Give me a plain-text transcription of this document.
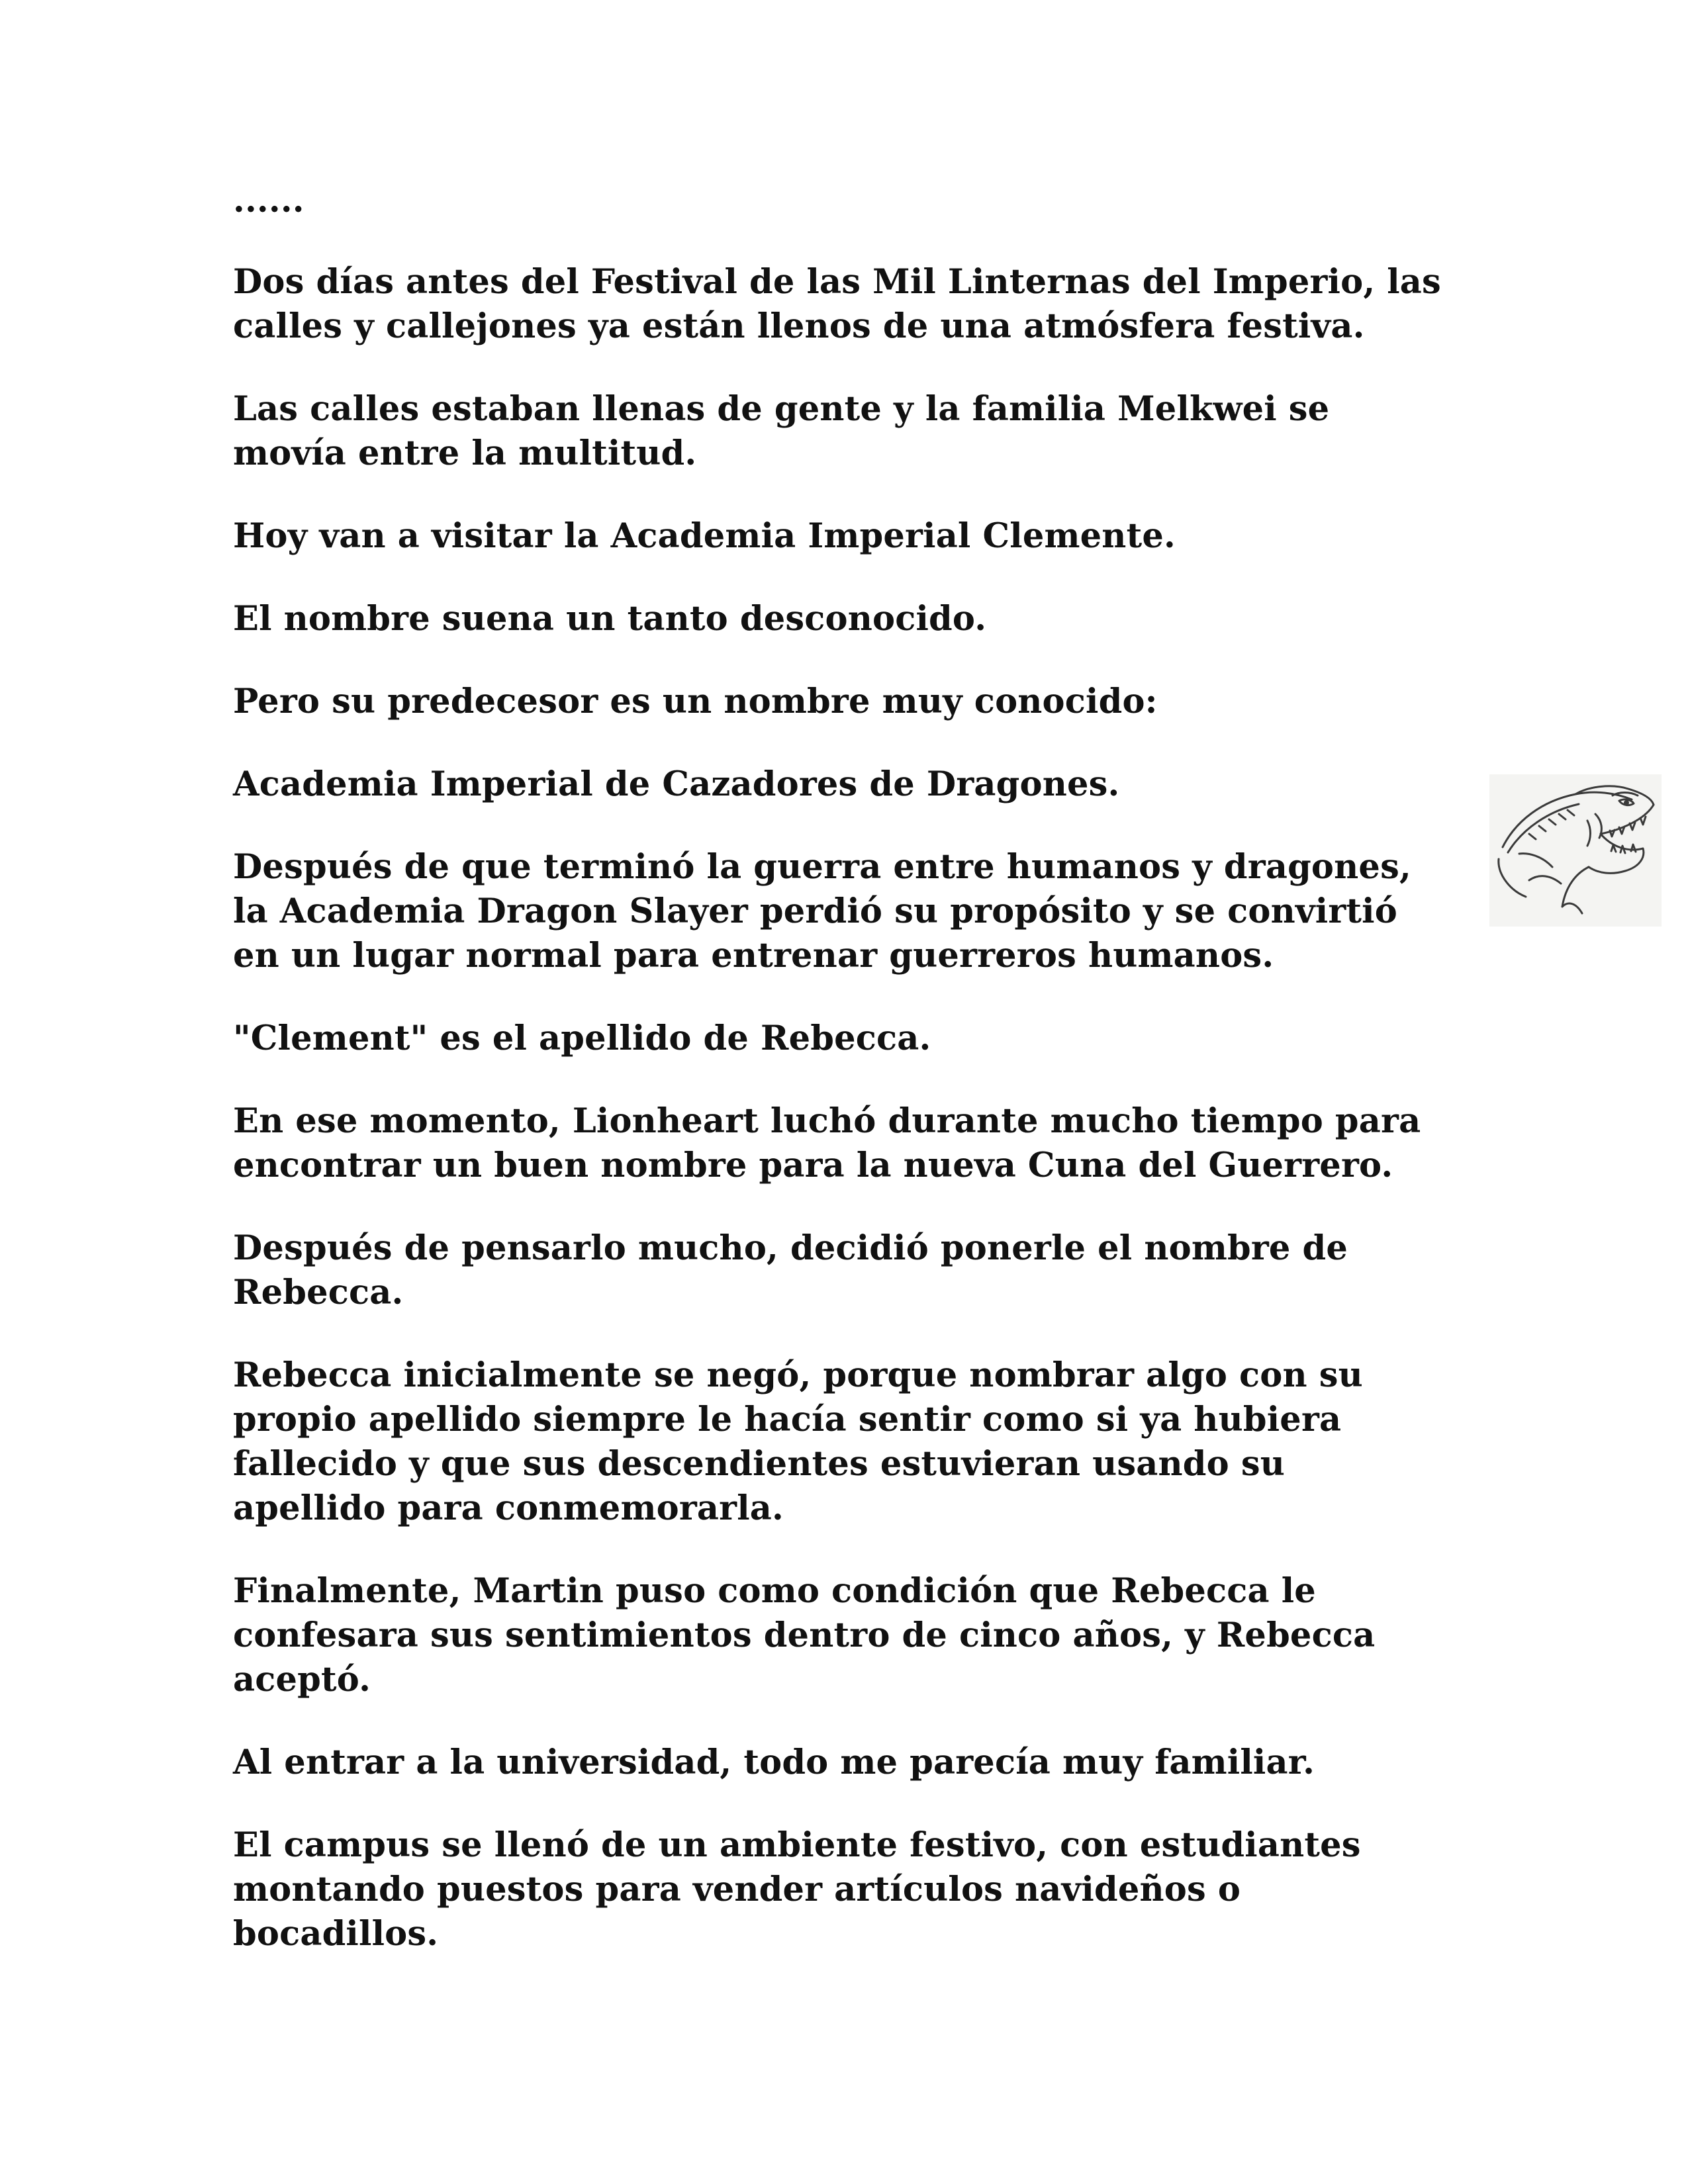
......

Dos días antes del Festival de las Mil Linternas del Imperio, las
calles y callejones ya están llenos de una atmósfera festiva.

Las calles estaban llenas de gente y la familia Melkwei se
movía entre la multitud.

Hoy van a visitar la Academia Imperial Clemente.

El nombre suena un tanto desconocido.

Pero su predecesor es un nombre muy conocido:

Academia Imperial de Cazadores de Dragones.

Después de que terminó la guerra entre humanos y dragones,
la Academia Dragon Slayer perdió su propósito y se convirtió
en un lugar normal para entrenar guerreros humanos.

"Clement" es el apellido de Rebecca.

En ese momento, Lionheart luchó durante mucho tiempo para
encontrar un buen nombre para la nueva Cuna del Guerrero.

Después de pensarlo mucho, decidió ponerle el nombre de
Rebecca.

Rebecca inicialmente se negó, porque nombrar algo con su
propio apellido siempre le hacía sentir como si ya hubiera
fallecido y que sus descendientes estuvieran usando su
apellido para conmemorarla.

Finalmente, Martin puso como condición que Rebecca le
confesara sus sentimientos dentro de cinco años, y Rebecca
aceptó.

Al entrar a la universidad, todo me parecía muy familiar.

El campus se llenó de un ambiente festivo, con estudiantes
montando puestos para vender artículos navideños o
bocadillos.
